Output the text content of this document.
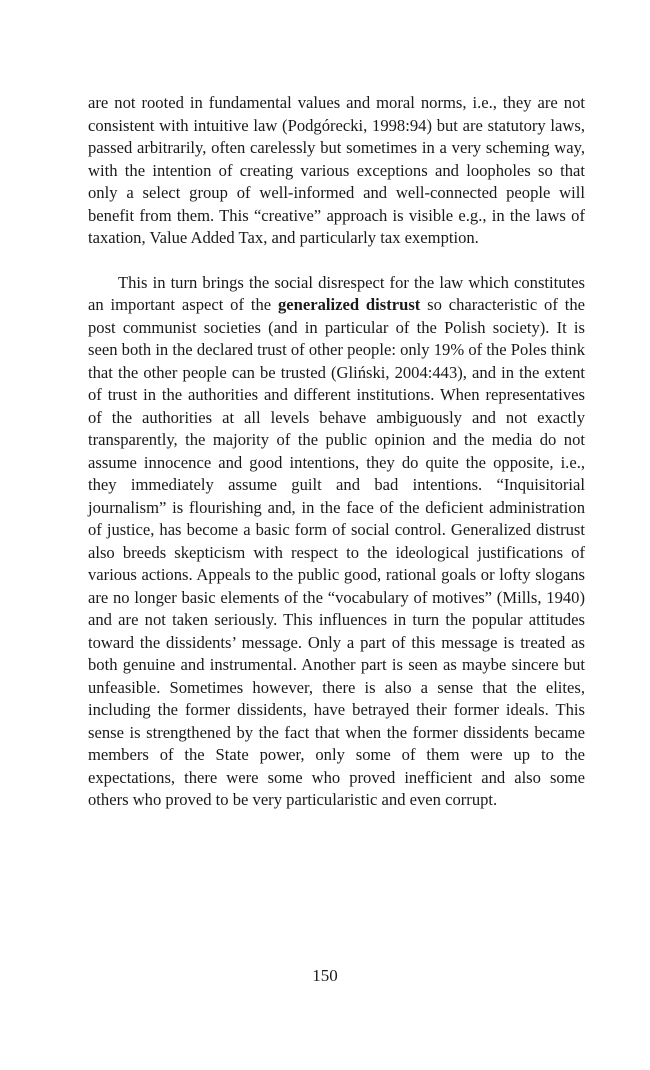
are not rooted in fundamental values and moral norms, i.e., they are not consistent with intuitive law (Podgórecki, 1998:94) but are statutory laws, passed arbitrarily, often carelessly but sometimes in a very scheming way, with the intention of creating various exceptions and loopholes so that only a select group of well-informed and well-connected people will benefit from them. This “creative” approach is visible e.g., in the laws of taxation, Value Added Tax, and particularly tax exemption.

This in turn brings the social disrespect for the law which constitutes an important aspect of the generalized distrust so characteristic of the post communist societies (and in particular of the Polish society). It is seen both in the declared trust of other people: only 19% of the Poles think that the other people can be trusted (Gliński, 2004:443), and in the extent of trust in the authorities and different institutions. When representatives of the authorities at all levels behave ambiguously and not exactly transparently, the majority of the public opinion and the media do not assume innocence and good intentions, they do quite the opposite, i.e., they immediately assume guilt and bad intentions. “Inquisitorial journalism” is flourishing and, in the face of the deficient administration of justice, has become a basic form of social control. Generalized distrust also breeds skepticism with respect to the ideological justifications of various actions. Appeals to the public good, rational goals or lofty slogans are no longer basic elements of the “vocabulary of motives” (Mills, 1940) and are not taken seriously. This influences in turn the popular attitudes toward the dissidents’ message. Only a part of this message is treated as both genuine and instrumental. Another part is seen as maybe sincere but unfeasible. Sometimes however, there is also a sense that the elites, including the former dissidents, have betrayed their former ideals. This sense is strengthened by the fact that when the former dissidents became members of the State power, only some of them were up to the expectations, there were some who proved inefficient and also some others who proved to be very particularistic and even corrupt.

150
